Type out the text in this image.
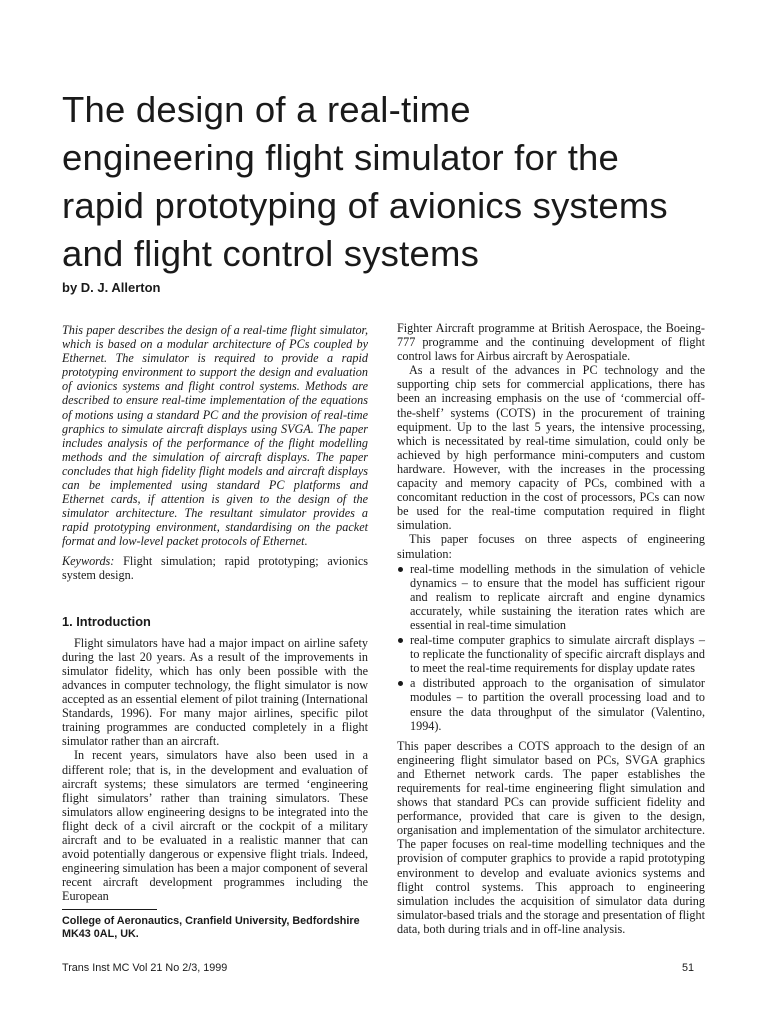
The design of a real-time
engineering flight simulator for the
rapid prototyping of avionics systems
and flight control systems

by D. J. Allerton

This paper describes the design of a real-time flight simulator, which is based on a modular architecture of PCs coupled by Ethernet. The simulator is required to provide a rapid prototyping environment to support the design and evaluation of avionics systems and flight control systems. Methods are described to ensure real-time implementation of the equations of motions using a standard PC and the provision of real-time graphics to simulate aircraft displays using SVGA. The paper includes analysis of the performance of the flight modelling methods and the simulation of aircraft displays. The paper concludes that high fidelity flight models and aircraft displays can be implemented using standard PC platforms and Ethernet cards, if attention is given to the design of the simulator architecture. The resultant simulator provides a rapid prototyping environment, standardising on the packet format and low-level packet protocols of Ethernet.

Keywords: Flight simulation; rapid prototyping; avionics system design.

1. Introduction

Flight simulators have had a major impact on airline safety during the last 20 years. As a result of the improvements in simulator fidelity, which has only been possible with the advances in computer technology, the flight simulator is now accepted as an essential element of pilot training (International Standards, 1996). For many major airlines, specific pilot training programmes are conducted completely in a flight simulator rather than an aircraft.

In recent years, simulators have also been used in a different role; that is, in the development and evaluation of aircraft systems; these simulators are termed ‘engineering flight simulators’ rather than training simulators. These simulators allow engineering designs to be integrated into the flight deck of a civil aircraft or the cockpit of a military aircraft and to be evaluated in a realistic manner that can avoid potentially dangerous or expensive flight trials. Indeed, engineering simulation has been a major component of several recent aircraft development programmes including the European

Fighter Aircraft programme at British Aerospace, the Boeing-777 programme and the continuing development of flight control laws for Airbus aircraft by Aerospatiale.

As a result of the advances in PC technology and the supporting chip sets for commercial applications, there has been an increasing emphasis on the use of ‘commercial off-the-shelf’ systems (COTS) in the procurement of training equipment. Up to the last 5 years, the intensive processing, which is necessitated by real-time simulation, could only be achieved by high performance mini-computers and custom hardware. However, with the increases in the processing capacity and memory capacity of PCs, combined with a concomitant reduction in the cost of processors, PCs can now be used for the real-time computation required in flight simulation.

This paper focuses on three aspects of engineering simulation:

real-time modelling methods in the simulation of vehicle dynamics – to ensure that the model has sufficient rigour and realism to replicate aircraft and engine dynamics accurately, while sustaining the iteration rates which are essential in real-time simulation
real-time computer graphics to simulate aircraft displays – to replicate the functionality of specific aircraft displays and to meet the real-time requirements for display update rates
a distributed approach to the organisation of simulator modules – to partition the overall processing load and to ensure the data throughput of the simulator (Valentino, 1994).

This paper describes a COTS approach to the design of an engineering flight simulator based on PCs, SVGA graphics and Ethernet network cards. The paper establishes the requirements for real-time engineering flight simulation and shows that standard PCs can provide sufficient fidelity and performance, provided that care is given to the design, organisation and implementation of the simulator architecture. The paper focuses on real-time modelling techniques and the provision of computer graphics to provide a rapid prototyping environment to develop and evaluate avionics systems and flight control systems. This approach to engineering simulation includes the acquisition of simulator data during simulator-based trials and the storage and presentation of flight data, both during trials and in off-line analysis.

College of Aeronautics, Cranfield University, Bedfordshire MK43 0AL, UK.

Trans Inst MC Vol 21 No 2/3, 1999	51
